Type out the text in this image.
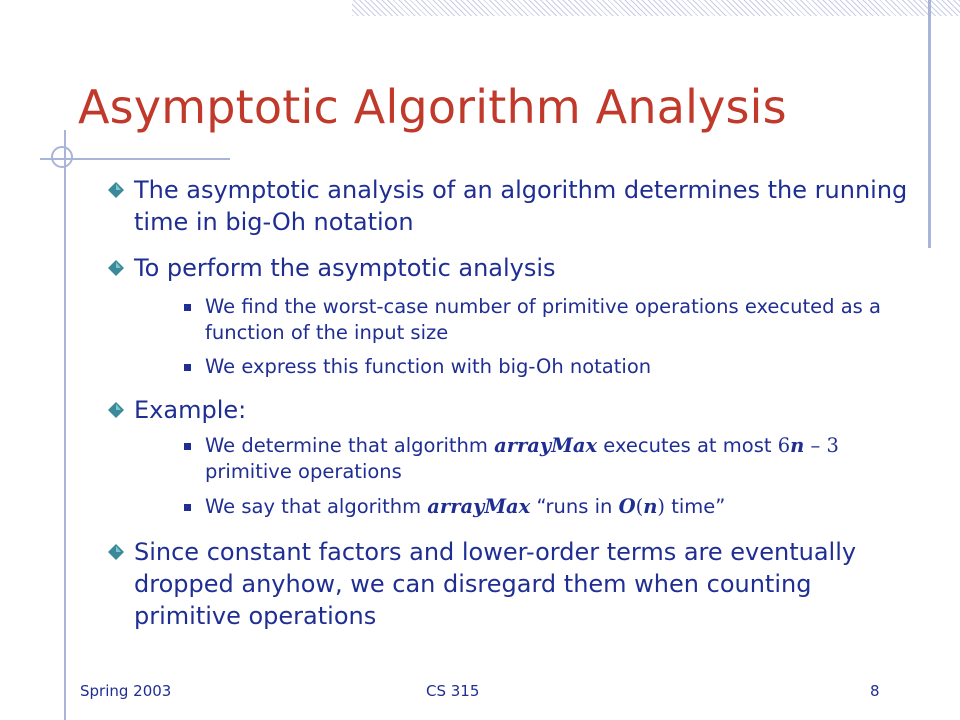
Asymptotic Algorithm Analysis
The asymptotic analysis of an algorithm determines the running time in big-Oh notation
To perform the asymptotic analysis
We find the worst-case number of primitive operations executed as a function of the input size
We express this function with big-Oh notation
Example:
We determine that algorithm arrayMax executes at most 6n – 3 primitive operations
We say that algorithm arrayMax “runs in O(n) time”
Since constant factors and lower-order terms are eventually dropped anyhow, we can disregard them when counting primitive operations
Spring 2003	CS 315	8
